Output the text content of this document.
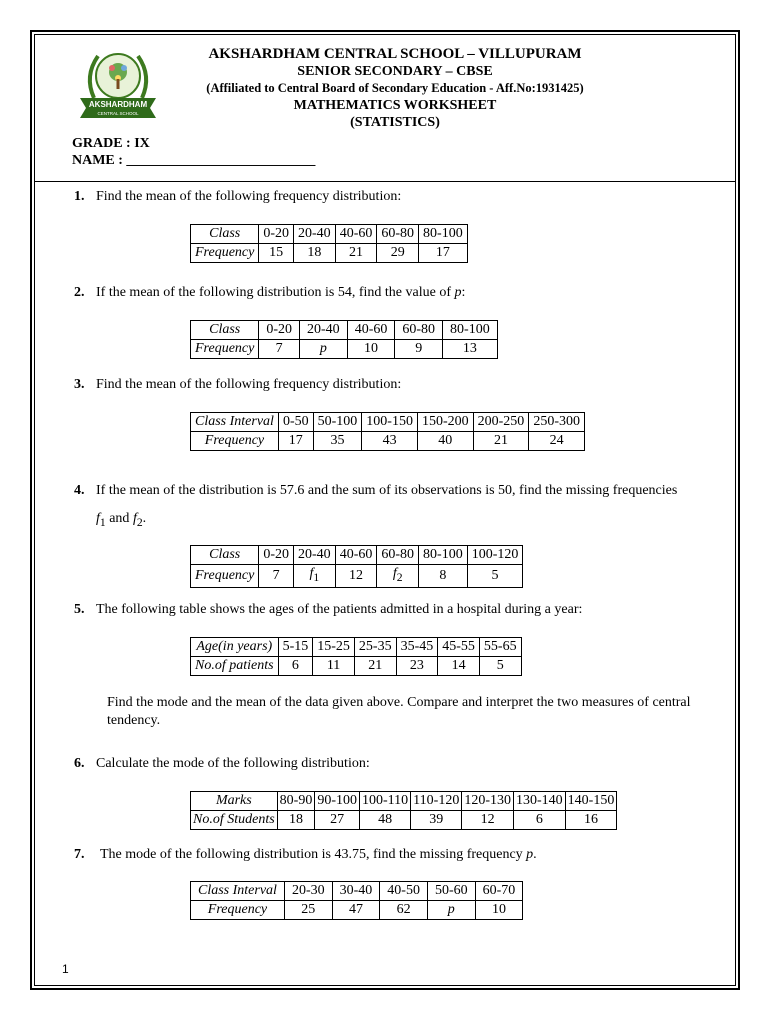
AKSHARDHAM
CENTRAL SCHOOL
AKSHARDHAM CENTRAL SCHOOL – VILLUPURAM
SENIOR SECONDARY – CBSE
(Affiliated to Central Board of Secondary Education - Aff.No:1931425)
MATHEMATICS WORKSHEET
(STATISTICS)
GRADE : IX
NAME : ___________________________
1. Find the mean of the following frequency distribution:
Class	0-20	20-40	40-60	60-80	80-100
Frequency	15	18	21	29	17
2. If the mean of the following distribution is 54, find the value of p:
Class	0-20	20-40	40-60	60-80	80-100
Frequency	7	p	10	9	13
3. Find the mean of the following frequency distribution:
Class Interval	0-50	50-100	100-150	150-200	200-250	250-300
Frequency	17	35	43	40	21	24
4. If the mean of the distribution is 57.6 and the sum of its observations is 50, find the missing frequencies
$f_1$ and $f_2$.
Class	0-20	20-40	40-60	60-80	80-100	100-120
Frequency	7	$f_1$	12	$f_2$	8	5
5. The following table shows the ages of the patients admitted in a hospital during a year:
Age(in years)	5-15	15-25	25-35	35-45	45-55	55-65
No.of patients	6	11	21	23	14	5
Find the mode and the mean of the data given above. Compare and interpret the two measures of central tendency.
6. Calculate the mode of the following distribution:
Marks	80-90	90-100	100-110	110-120	120-130	130-140	140-150
No.of Students	18	27	48	39	12	6	16
7. The mode of the following distribution is 43.75, find the missing frequency p.
Class Interval	20-30	30-40	40-50	50-60	60-70
Frequency	25	47	62	p	10
1
